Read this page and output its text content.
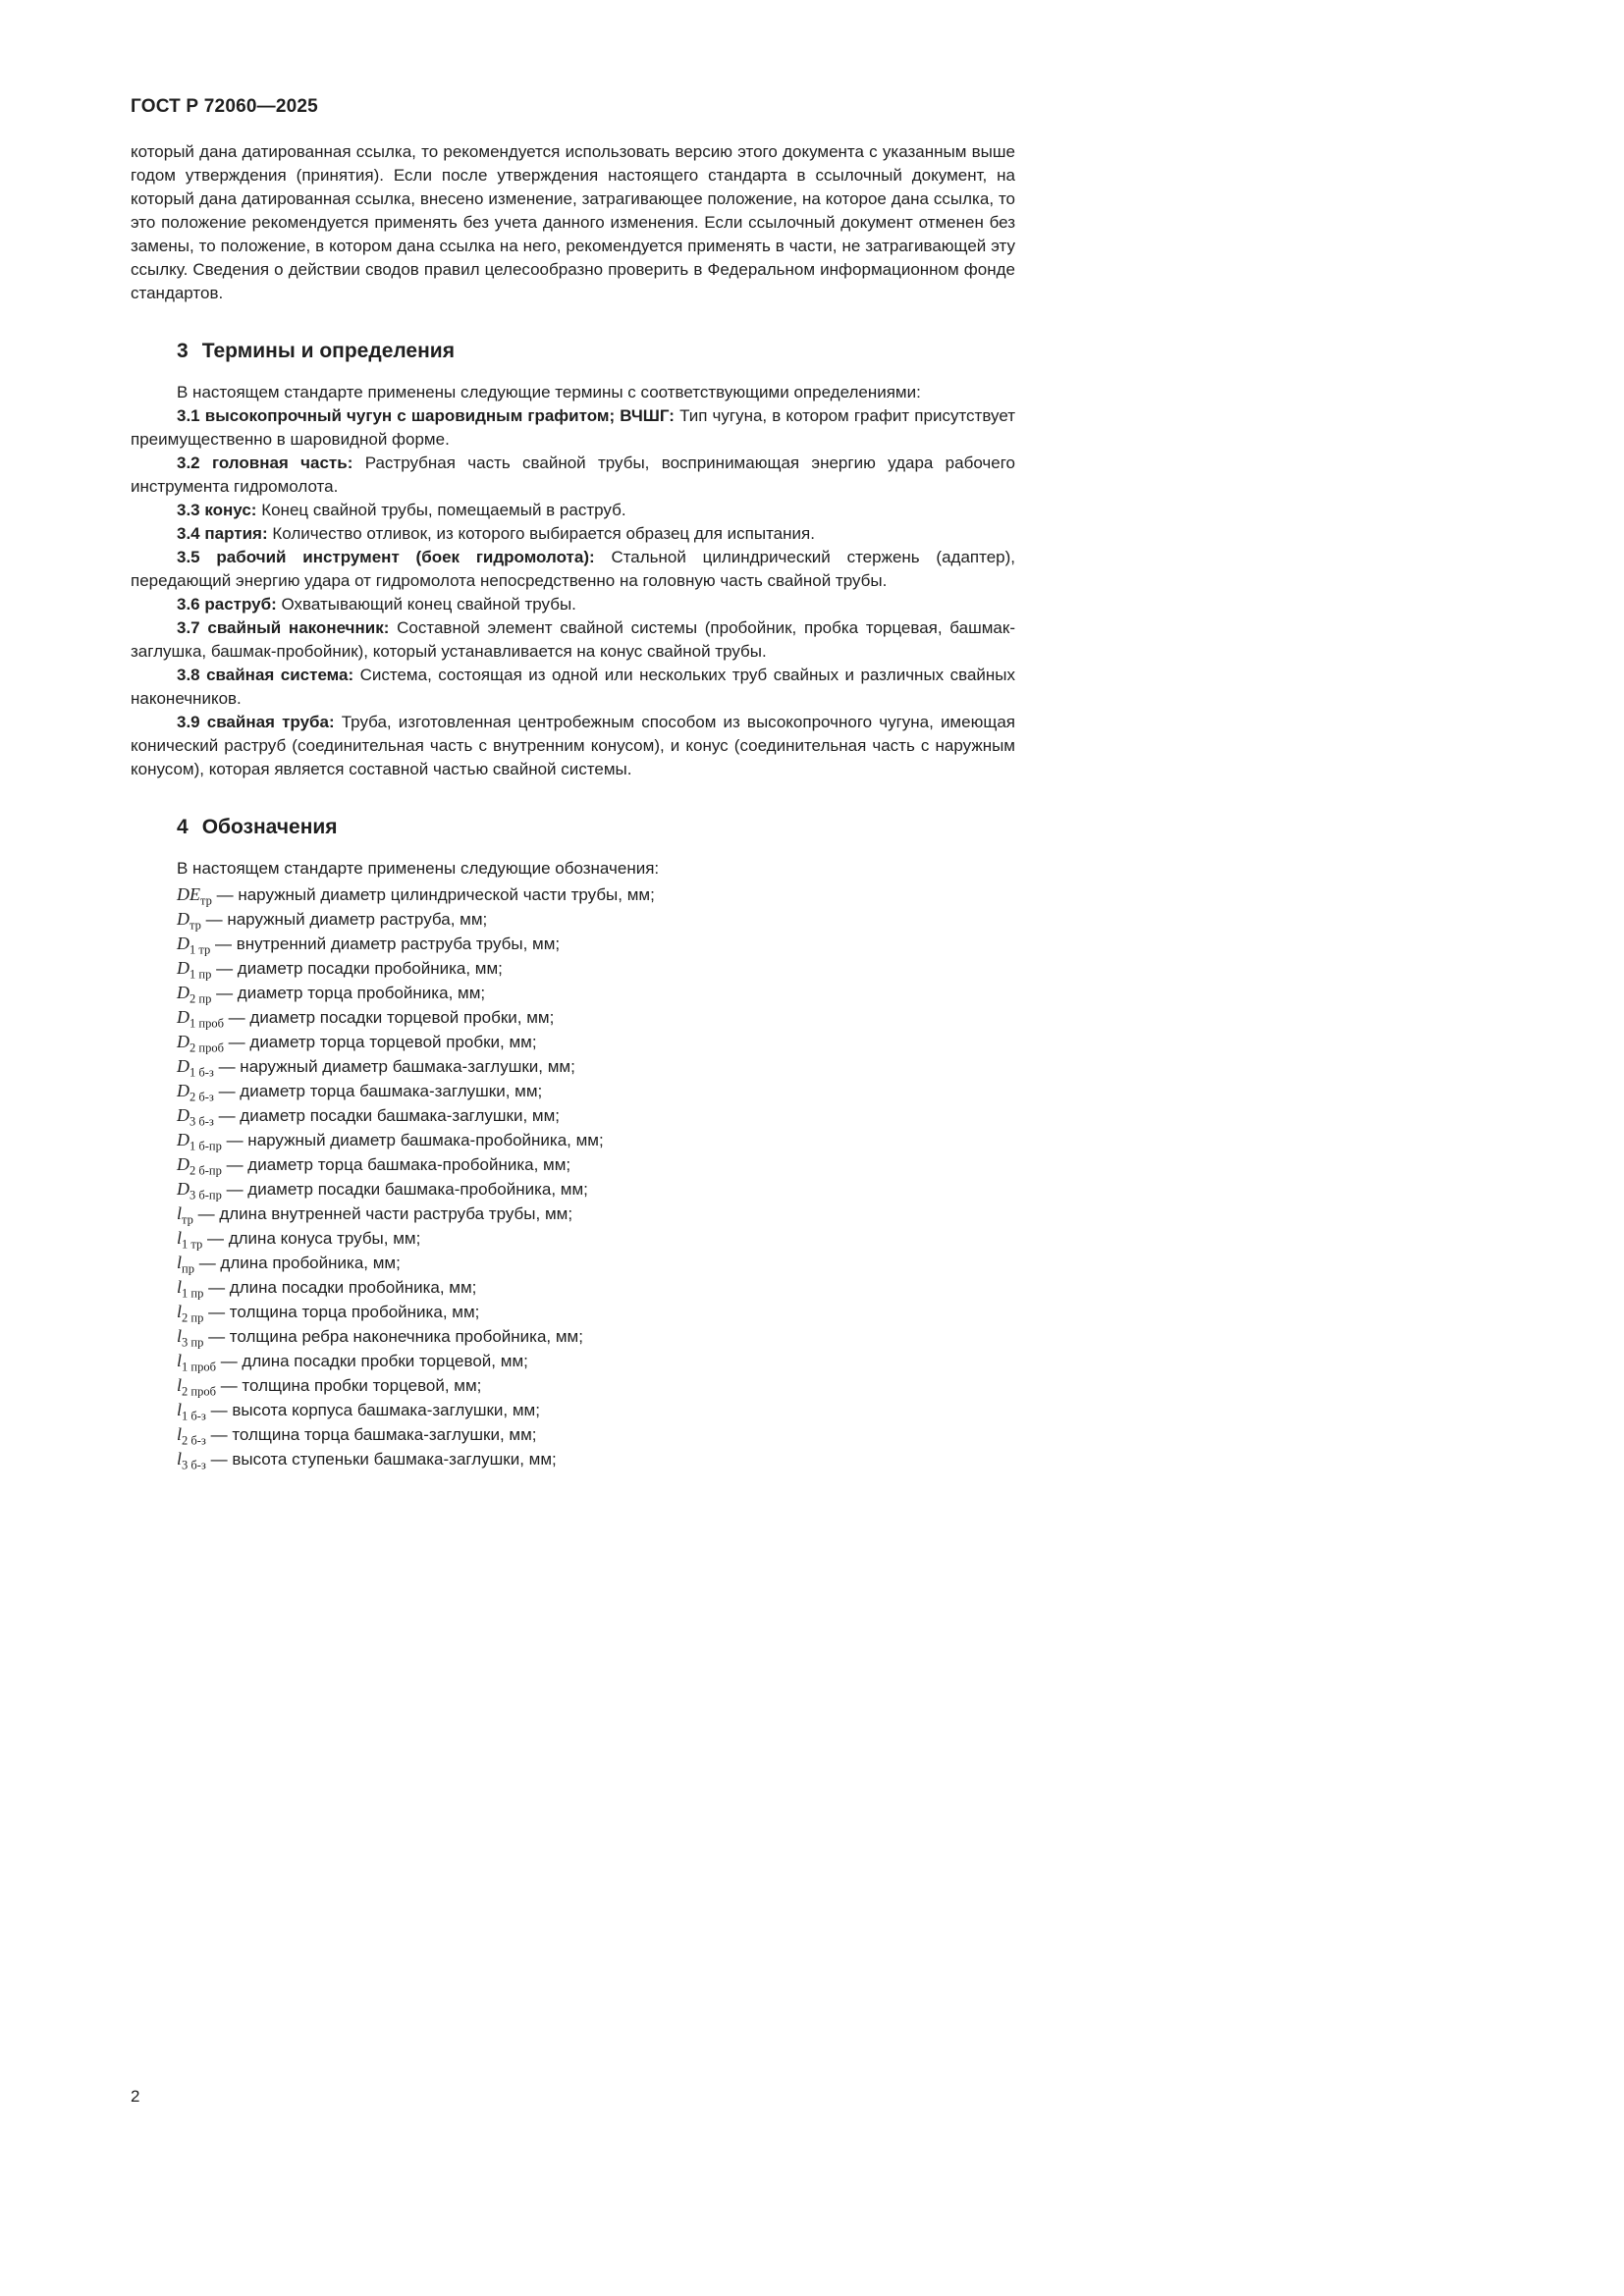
ГОСТ Р 72060—2025

который дана датированная ссылка, то рекомендуется использовать версию этого документа с указанным выше годом утверждения (принятия). Если после утверждения настоящего стандарта в ссылочный документ, на который дана датированная ссылка, внесено изменение, затрагивающее положение, на которое дана ссылка, то это положение рекомендуется применять без учета данного изменения. Если ссылочный документ отменен без замены, то положение, в котором дана ссылка на него, рекомендуется применять в части, не затрагивающей эту ссылку. Сведения о действии сводов правил целесообразно проверить в Федеральном информационном фонде стандартов.

3 Термины и определения

В настоящем стандарте применены следующие термины с соответствующими определениями:

3.1 высокопрочный чугун с шаровидным графитом; ВЧШГ: Тип чугуна, в котором графит присутствует преимущественно в шаровидной форме.

3.2 головная часть: Раструбная часть свайной трубы, воспринимающая энергию удара рабочего инструмента гидромолота.

3.3 конус: Конец свайной трубы, помещаемый в раструб.

3.4 партия: Количество отливок, из которого выбирается образец для испытания.

3.5 рабочий инструмент (боек гидромолота): Стальной цилиндрический стержень (адаптер), передающий энергию удара от гидромолота непосредственно на головную часть свайной трубы.

3.6 раструб: Охватывающий конец свайной трубы.

3.7 свайный наконечник: Составной элемент свайной системы (пробойник, пробка торцевая, башмак-заглушка, башмак-пробойник), который устанавливается на конус свайной трубы.

3.8 свайная система: Система, состоящая из одной или нескольких труб свайных и различных свайных наконечников.

3.9 свайная труба: Труба, изготовленная центробежным способом из высокопрочного чугуна, имеющая конический раструб (соединительная часть с внутренним конусом), и конус (соединительная часть с наружным конусом), которая является составной частью свайной системы.

4 Обозначения

В настоящем стандарте применены следующие обозначения:

$DE_{тр}$ — наружный диаметр цилиндрической части трубы, мм;
$D_{тр}$ — наружный диаметр раструба, мм;
$D_{1 тр}$ — внутренний диаметр раструба трубы, мм;
$D_{1 пр}$ — диаметр посадки пробойника, мм;
$D_{2 пр}$ — диаметр торца пробойника, мм;
$D_{1 проб}$ — диаметр посадки торцевой пробки, мм;
$D_{2 проб}$ — диаметр торца торцевой пробки, мм;
$D_{1 б-з}$ — наружный диаметр башмака-заглушки, мм;
$D_{2 б-з}$ — диаметр торца башмака-заглушки, мм;
$D_{3 б-з}$ — диаметр посадки башмака-заглушки, мм;
$D_{1 б-пр}$ — наружный диаметр башмака-пробойника, мм;
$D_{2 б-пр}$ — диаметр торца башмака-пробойника, мм;
$D_{3 б-пр}$ — диаметр посадки башмака-пробойника, мм;
$l_{тр}$ — длина внутренней части раструба трубы, мм;
$l_{1 тр}$ — длина конуса трубы, мм;
$l_{пр}$ — длина пробойника, мм;
$l_{1 пр}$ — длина посадки пробойника, мм;
$l_{2 пр}$ — толщина торца пробойника, мм;
$l_{3 пр}$ — толщина ребра наконечника пробойника, мм;
$l_{1 проб}$ — длина посадки пробки торцевой, мм;
$l_{2 проб}$ — толщина пробки торцевой, мм;
$l_{1 б-з}$ — высота корпуса башмака-заглушки, мм;
$l_{2 б-з}$ — толщина торца башмака-заглушки, мм;
$l_{3 б-з}$ — высота ступеньки башмака-заглушки, мм;
2
